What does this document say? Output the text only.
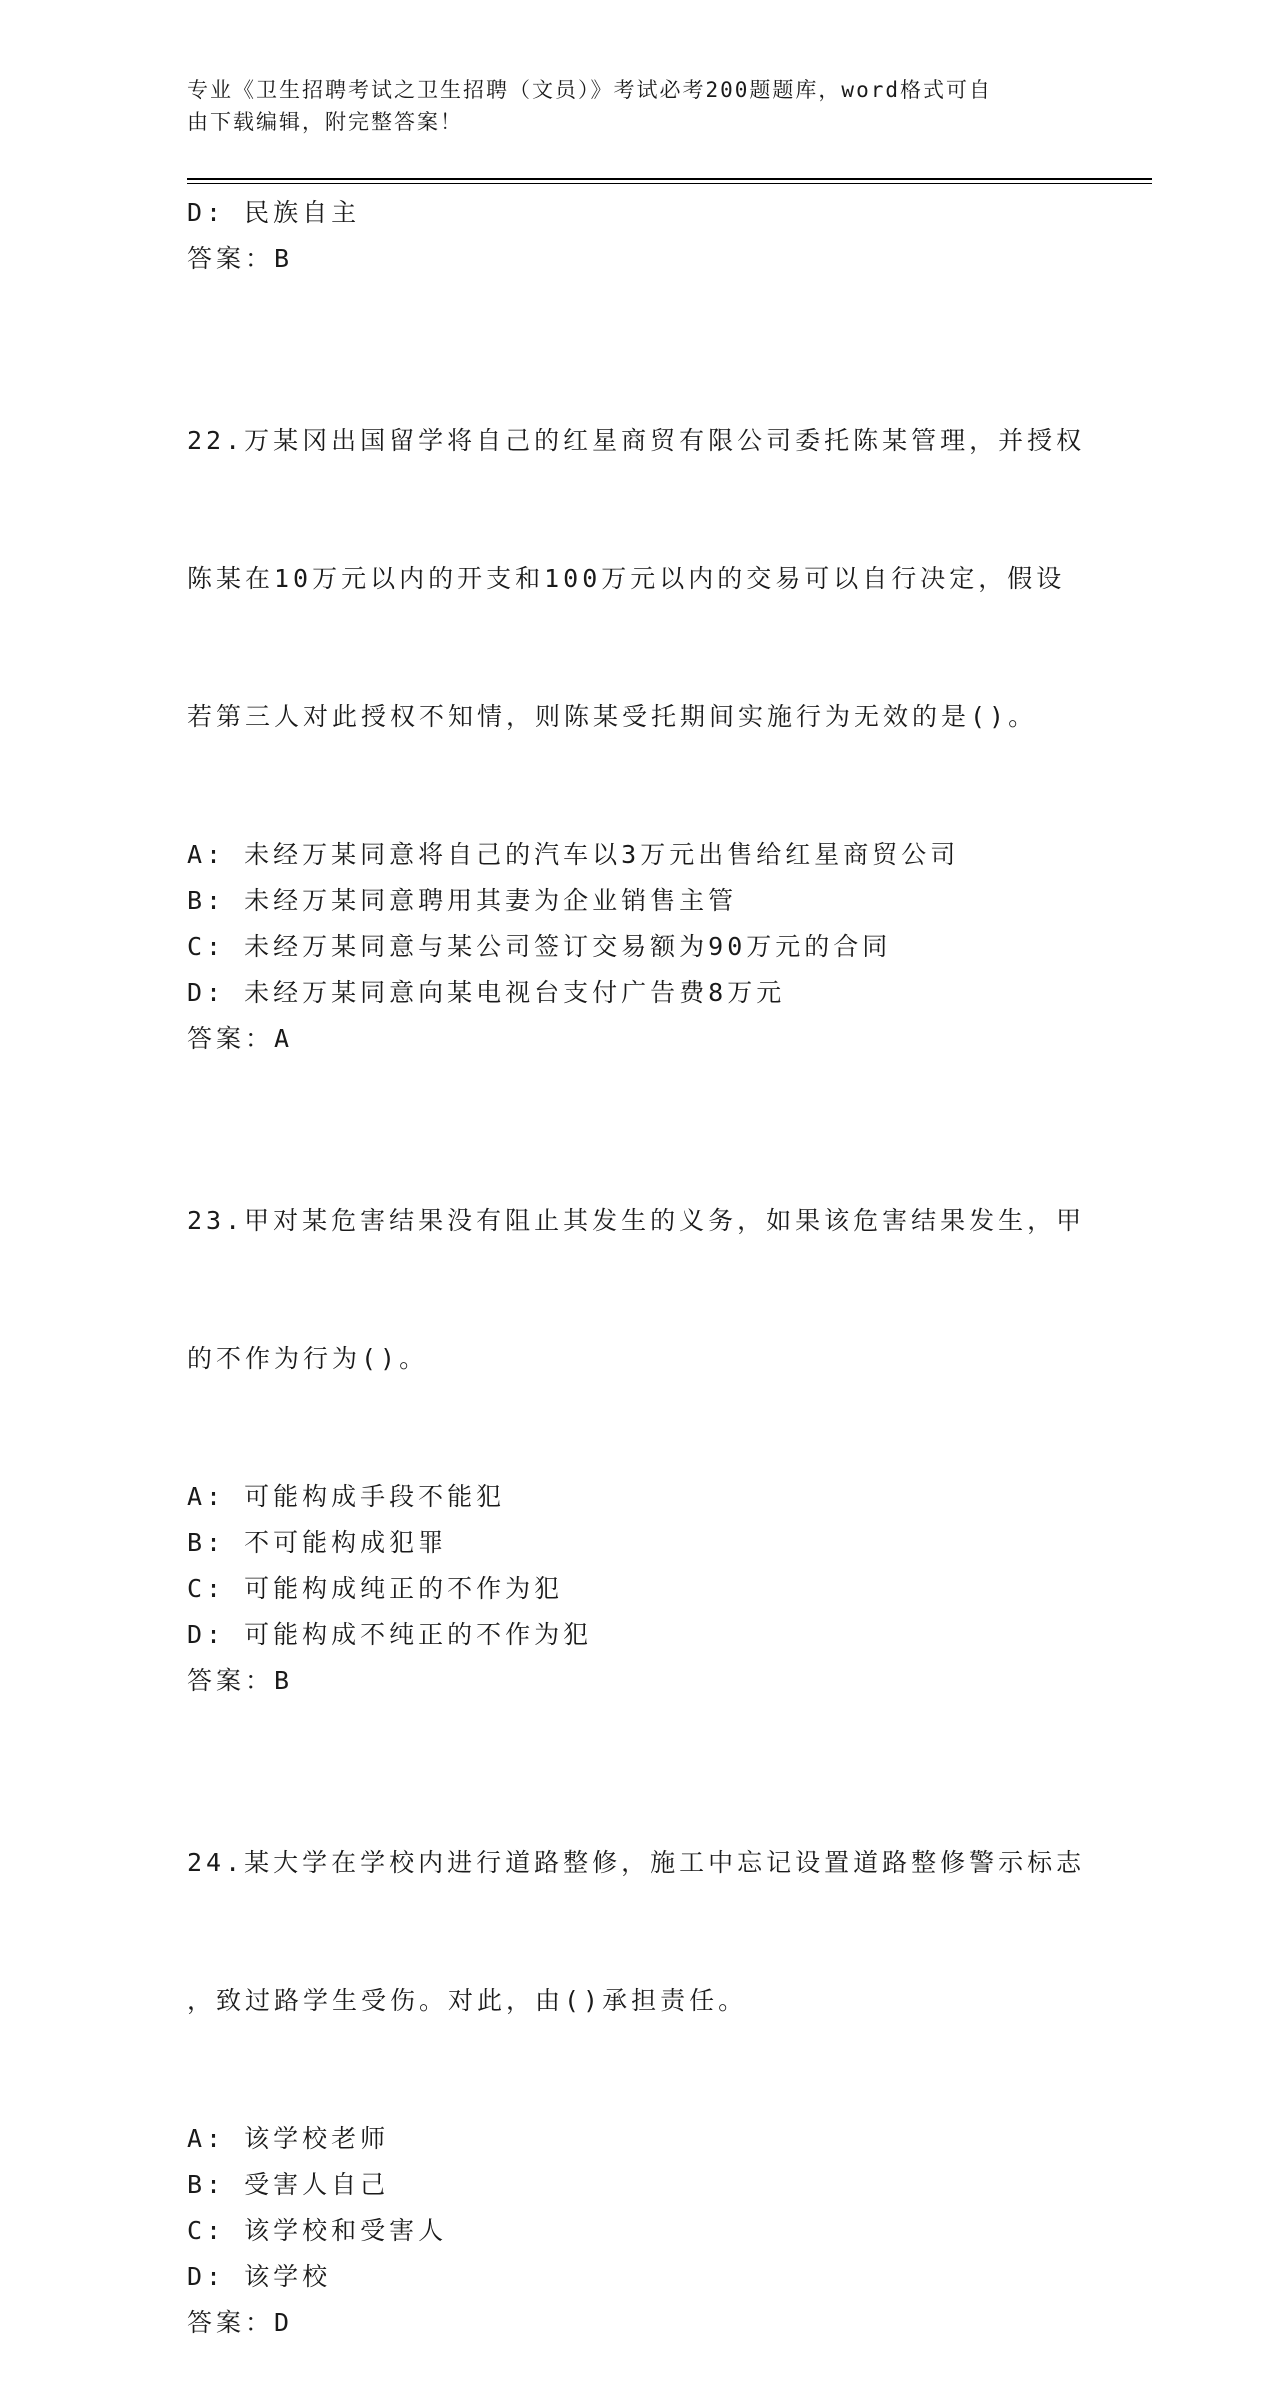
专业《卫生招聘考试之卫生招聘（文员）》考试必考200题题库，word格式可自
由下载编辑，附完整答案！
D: 民族自主
答案：B

22.万某冈出国留学将自己的红星商贸有限公司委托陈某管理，并授权

陈某在10万元以内的开支和100万元以内的交易可以自行决定，假设

若第三人对此授权不知情，则陈某受托期间实施行为无效的是()。

A: 未经万某同意将自己的汽车以3万元出售给红星商贸公司
B: 未经万某同意聘用其妻为企业销售主管
C: 未经万某同意与某公司签订交易额为90万元的合同
D: 未经万某同意向某电视台支付广告费8万元
答案：A

23.甲对某危害结果没有阻止其发生的义务，如果该危害结果发生，甲

的不作为行为()。

A: 可能构成手段不能犯
B: 不可能构成犯罪
C: 可能构成纯正的不作为犯
D: 可能构成不纯正的不作为犯
答案：B

24.某大学在学校内进行道路整修，施工中忘记设置道路整修警示标志

，致过路学生受伤。对此，由()承担责任。

A: 该学校老师
B: 受害人自己
C: 该学校和受害人
D: 该学校
答案：D
